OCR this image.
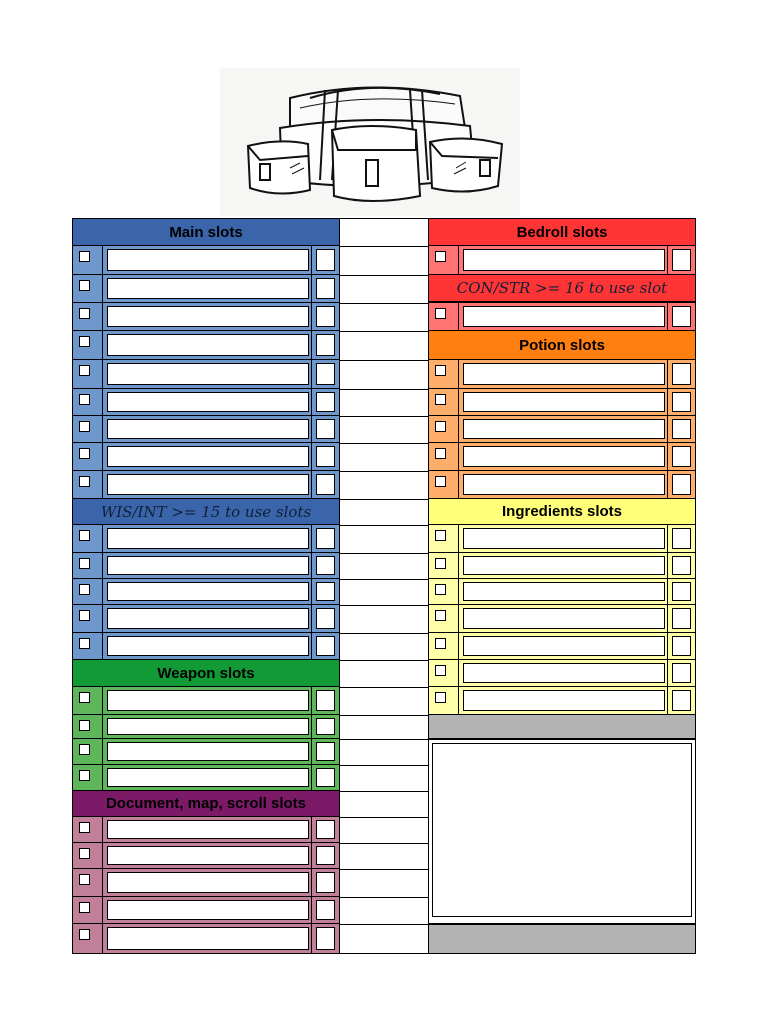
Main slots
WIS/INT >= 15 to use slots
Weapon slots
Document, map, scroll slots
Bedroll slots
CON/STR >= 16 to use slot
Potion slots
Ingredients slots
